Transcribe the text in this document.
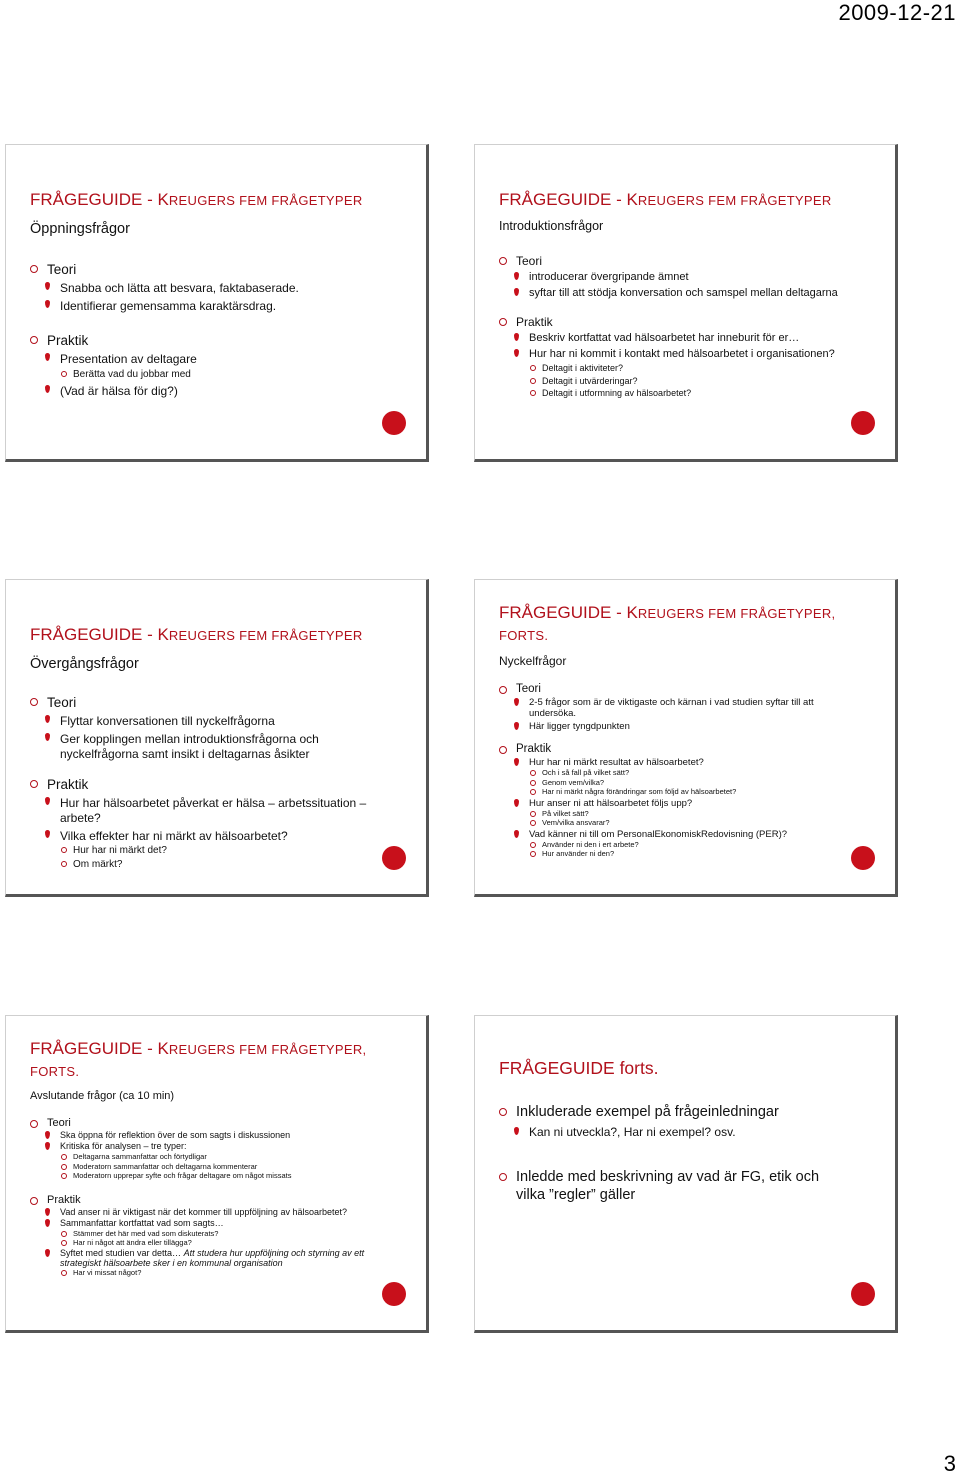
2009-12-21

FRÅGEGUIDE - KREUGERS FEM FRÅGETYPER

Öppningsfrågor

Teori
Snabba och lätta att besvara, faktabaserade.
Identifierar gemensamma karaktärsdrag.
Praktik
Presentation av deltagare
Berätta vad du jobbar med
(Vad är hälsa för dig?)

FRÅGEGUIDE - KREUGERS FEM FRÅGETYPER

Introduktionsfrågor

Teori
introducerar övergripande ämnet
syftar till att stödja konversation och samspel mellan deltagarna
Praktik
Beskriv kortfattat vad hälsoarbetet har inneburit för er…
Hur har ni kommit i kontakt med hälsoarbetet i organisationen?
Deltagit i aktiviteter?
Deltagit i utvärderingar?
Deltagit i utformning av hälsoarbetet?

FRÅGEGUIDE - KREUGERS FEM FRÅGETYPER

Övergångsfrågor

Teori
Flyttar konversationen till nyckelfrågorna
Ger kopplingen mellan introduktionsfrågorna och nyckelfrågorna samt insikt i deltagarnas åsikter
Praktik
Hur har hälsoarbetet påverkat er hälsa – arbetssituation – arbete?
Vilka effekter har ni märkt av hälsoarbetet?
Hur har ni märkt det?
Om märkt?

FRÅGEGUIDE - KREUGERS FEM FRÅGETYPER,
FORTS.

Nyckelfrågor

Teori
2-5 frågor som är de viktigaste och kärnan i vad studien syftar till att undersöka.
Här ligger tyngdpunkten
Praktik
Hur har ni märkt resultat av hälsoarbetet?
Och i så fall på vilket sätt?
Genom vem/vilka?
Har ni märkt några förändringar som följd av hälsoarbetet?
Hur anser ni att hälsoarbetet följs upp?
På vilket sätt?
Vem/vilka ansvarar?
Vad känner ni till om PersonalEkonomiskRedovisning (PER)?
Använder ni den i ert arbete?
Hur använder ni den?

FRÅGEGUIDE - KREUGERS FEM FRÅGETYPER,
FORTS.

Avslutande frågor (ca 10 min)

Teori
Ska öppna för reflektion över de som sagts i diskussionen
Kritiska för analysen – tre typer:
Deltagarna sammanfattar och förtydligar
Moderatorn sammanfattar och deltagarna kommenterar
Moderatorn upprepar syfte och frågar deltagare om något missats
Praktik
Vad anser ni är viktigast när det kommer till uppföljning av hälsoarbetet?
Sammanfattar kortfattat vad som sagts…
Stämmer det här med vad som diskuterats?
Har ni något att ändra eller tillägga?
Syftet med studien var detta… Att studera hur uppföljning och styrning av ett strategiskt hälsoarbete sker i en kommunal organisation
Har vi missat något?

FRÅGEGUIDE forts.

Inkluderade exempel på frågeinledningar
Kan ni utveckla?, Har ni exempel? osv.
Inledde med beskrivning av vad är FG, etik och vilka ”regler” gäller
3
